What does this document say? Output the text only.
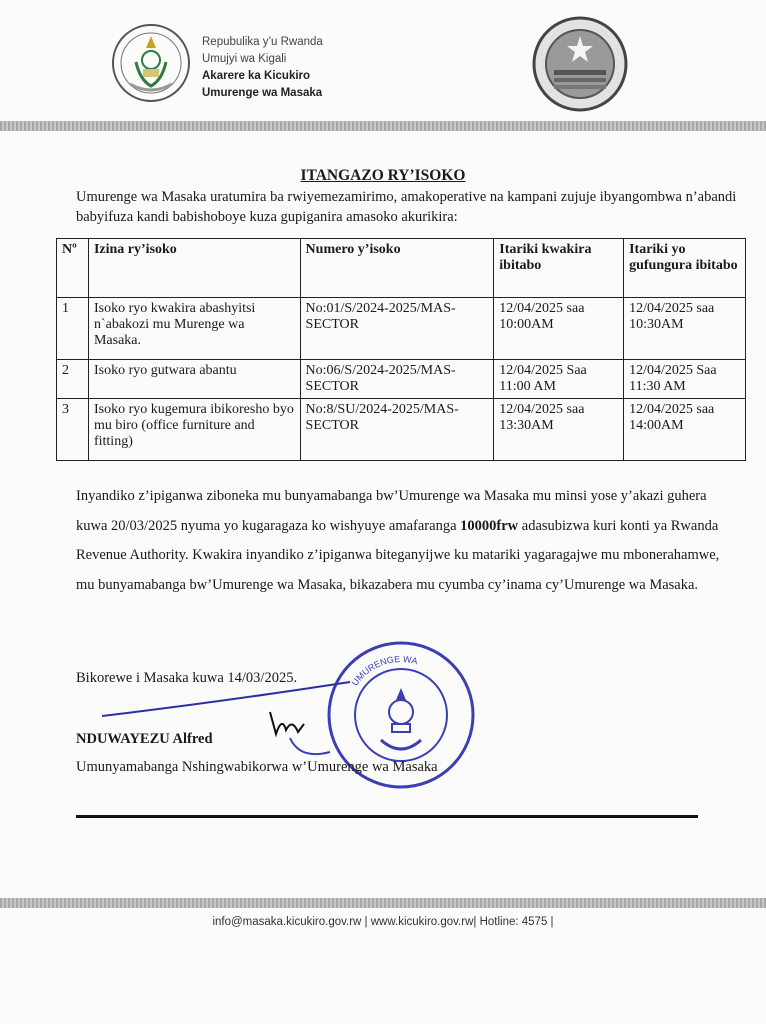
Repubulika y’u Rwanda
Umujyi wa Kigali
Akarere ka Kicukiro
Umurenge wa Masaka
ITANGAZO RY’ISOKO
Umurenge wa Masaka uratumira ba rwiyemezamirimo, amakoperative na kampani zujuje ibyangombwa n’abandi babyifuza kandi babishoboye kuza gupiganira amasoko akurikira:
Nº	Izina ry’isoko	Numero y’isoko	Itariki kwakira ibitabo	Itariki yo gufungura ibitabo
1	Isoko ryo kwakira abashyitsi n`abakozi mu Murenge wa Masaka.	No:01/S/2024-2025/MAS-SECTOR	12/04/2025 saa 10:00AM	12/04/2025 saa 10:30AM
2	Isoko ryo gutwara abantu	No:06/S/2024-2025/MAS-SECTOR	12/04/2025 Saa 11:00 AM	12/04/2025 Saa 11:30 AM
3	Isoko ryo kugemura ibikoresho byo mu biro (office furniture and fitting)	No:8/SU/2024-2025/MAS-SECTOR	12/04/2025 saa 13:30AM	12/04/2025 saa 14:00AM
Inyandiko z’ipiganwa ziboneka mu bunyamabanga bw’Umurenge wa Masaka mu minsi yose y’akazi guhera kuwa 20/03/2025 nyuma yo kugaragaza ko wishyuye amafaranga 10000frw adasubizwa kuri konti ya Rwanda Revenue Authority. Kwakira inyandiko z’ipiganwa biteganyijwe ku matariki yagaragajwe mu mbonerahamwe, mu bunyamabanga bw’Umurenge wa Masaka, bikazabera mu cyumba cy’inama cy’Umurenge wa Masaka.
Bikorewe i Masaka kuwa 14/03/2025.	UMURENGE WA
NDUWAYEZU Alfred
Umunyamabanga Nshingwabikorwa w’Umurenge wa Masaka
info@masaka.kicukiro.gov.rw | www.kicukiro.gov.rw| Hotline: 4575 |
